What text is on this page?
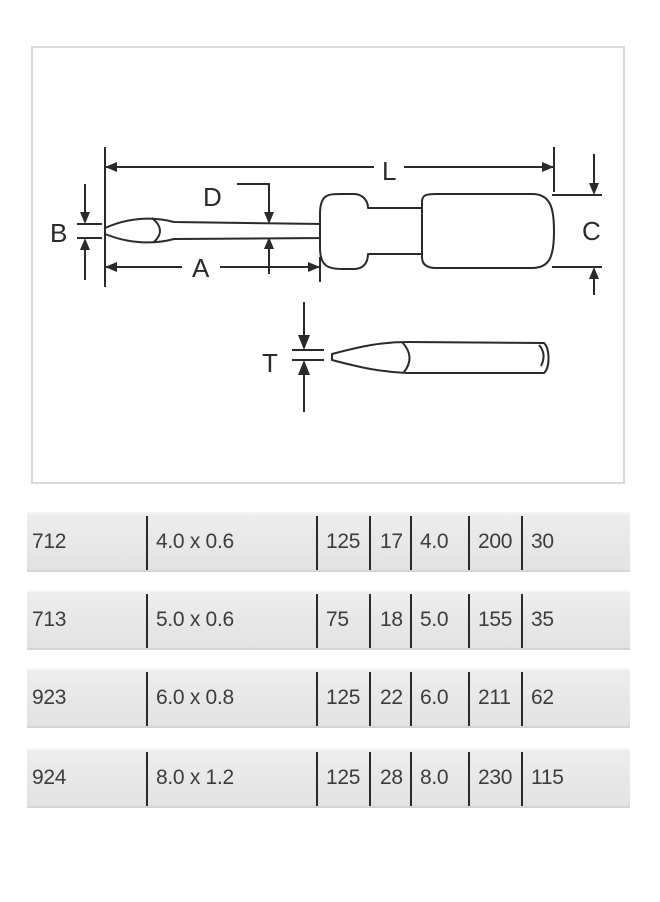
L
D
B
A
C
T
712	4.0 x 0.6	125 17 4.0 200 30
713	5.0 x 0.6	75 18 5.0 155 35
923	6.0 x 0.8	125 22 6.0 211 62
924	8.0 x 1.2	125 28 8.0 230 115
